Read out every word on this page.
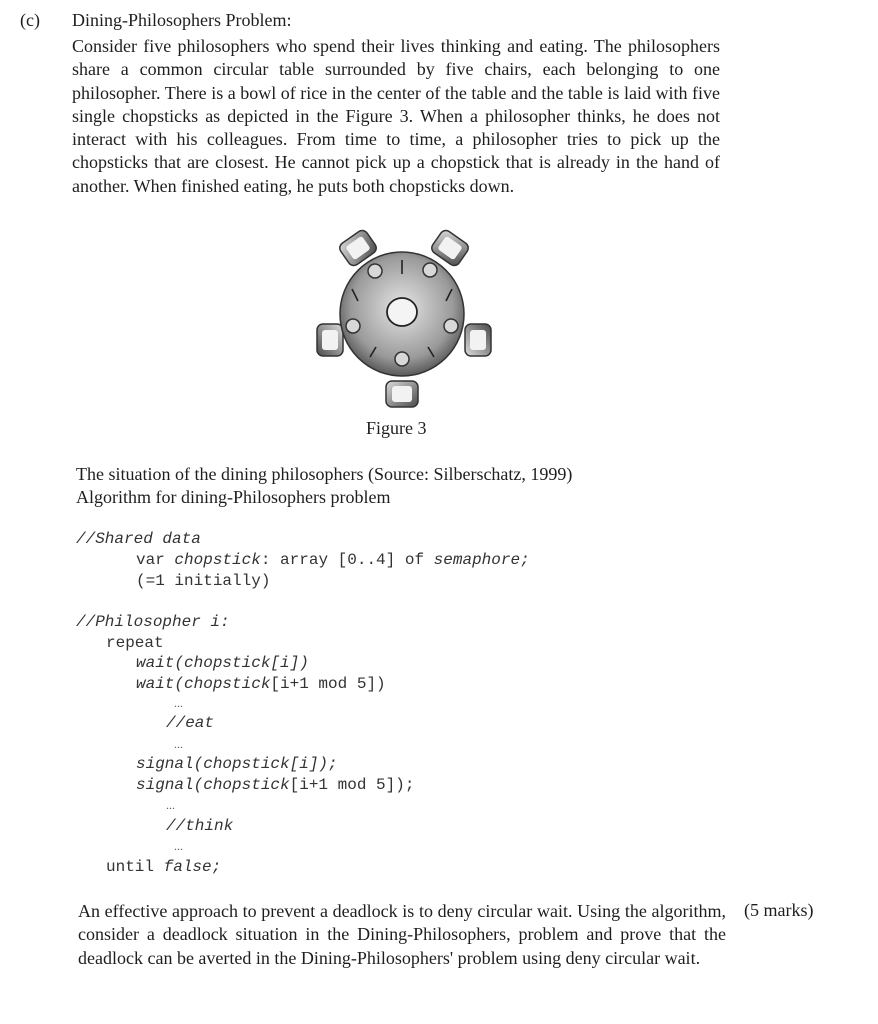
(c) Dining-Philosophers Problem:
Consider five philosophers who spend their lives thinking and eating. The philosophers share a common circular table surrounded by five chairs, each belonging to one philosopher. There is a bowl of rice in the center of the table and the table is laid with five single chopsticks as depicted in the Figure 3. When a philosopher thinks, he does not interact with his colleagues. From time to time, a philosopher tries to pick up the chopsticks that are closest. He cannot pick up a chopstick that is already in the hand of another. When finished eating, he puts both chopsticks down.
Figure 3
The situation of the dining philosophers (Source: Silberschatz, 1999)
Algorithm for dining-Philosophers problem
//Shared data
var chopstick: array [0..4] of semaphore;
(=1 initially)
//Philosopher i:
repeat
wait(chopstick[i])
wait(chopstick[i+1 mod 5])
...
//eat
...
signal(chopstick[i]);
signal(chopstick[i+1 mod 5]);
...
//think
...
until false;
An effective approach to prevent a deadlock is to deny circular wait. Using the algorithm, consider a deadlock situation in the Dining-Philosophers, problem and prove that the deadlock can be averted in the Dining-Philosophers' problem using deny circular wait.
(5 marks)
